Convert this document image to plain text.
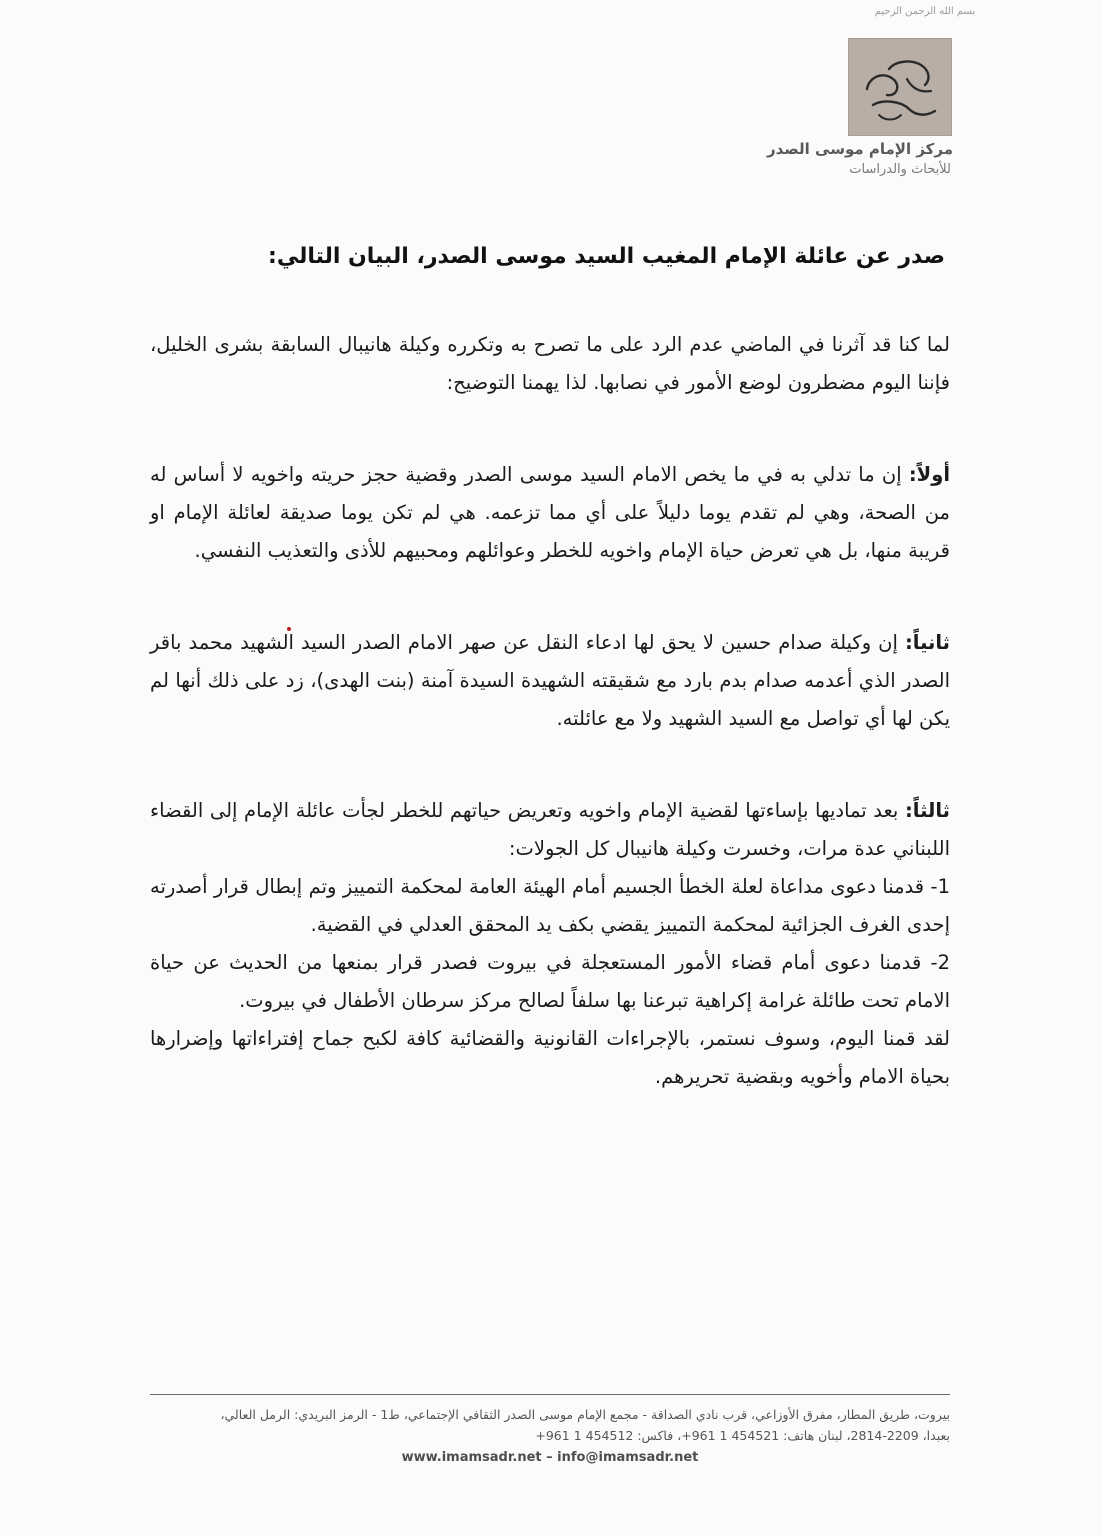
بسم الله الرحمن الرحيم
مركز الإمام موسى الصدر
للأبحاث والدراسات
صدر عن عائلة الإمام المغيب السيد موسى الصدر، البيان التالي:

لما كنا قد آثرنا في الماضي عدم الرد على ما تصرح به وتكرره وكيلة هانيبال السابقة بشرى الخليل، فإننا اليوم مضطرون لوضع الأمور في نصابها. لذا يهمنا التوضيح:

أولاً: إن ما تدلي به في ما يخص الامام السيد موسى الصدر وقضية حجز حريته واخويه لا أساس له من الصحة، وهي لم تقدم يوما دليلاً على أي مما تزعمه. هي لم تكن يوما صديقة لعائلة الإمام او قريبة منها، بل هي تعرض حياة الإمام واخويه للخطر وعوائلهم ومحبيهم للأذى والتعذيب النفسي.

ثانياً: إن وكيلة صدام حسين لا يحق لها ادعاء النقل عن صهر الامام الصدر السيد الشهيد محمد باقر الصدر الذي أعدمه صدام بدم بارد مع شقيقته الشهيدة السيدة آمنة (بنت الهدى)، زد على ذلك أنها لم يكن لها أي تواصل مع السيد الشهيد ولا مع عائلته.

ثالثاً: بعد تماديها بإساءتها لقضية الإمام واخويه وتعريض حياتهم للخطر لجأت عائلة الإمام إلى القضاء اللبناني عدة مرات، وخسرت وكيلة هانيبال كل الجولات:

1- قدمنا دعوى مداعاة لعلة الخطأ الجسيم أمام الهيئة العامة لمحكمة التمييز وتم إبطال قرار أصدرته إحدى الغرف الجزائية لمحكمة التمييز يقضي بكف يد المحقق العدلي في القضية.

2- قدمنا دعوى أمام قضاء الأمور المستعجلة في بيروت فصدر قرار بمنعها من الحديث عن حياة الامام تحت طائلة غرامة إكراهية تبرعنا بها سلفاً لصالح مركز سرطان الأطفال في بيروت.

لقد قمنا اليوم، وسوف نستمر، بالإجراءات القانونية والقضائية كافة لكبح جماح إفتراءاتها وإضرارها بحياة الامام وأخويه وبقضية تحريرهم.

بيروت، طريق المطار، مفرق الأوزاعي، قرب نادي الصداقة - مجمع الإمام موسى الصدر الثقافي الإجتماعي، ط1 - الرمز البريدي: الرمل العالي،
بعبدا، 2209-2814، لبنان هاتف: 454521 1 961+، فاكس: 454512 1 961+
www.imamsadr.net – info@imamsadr.net
